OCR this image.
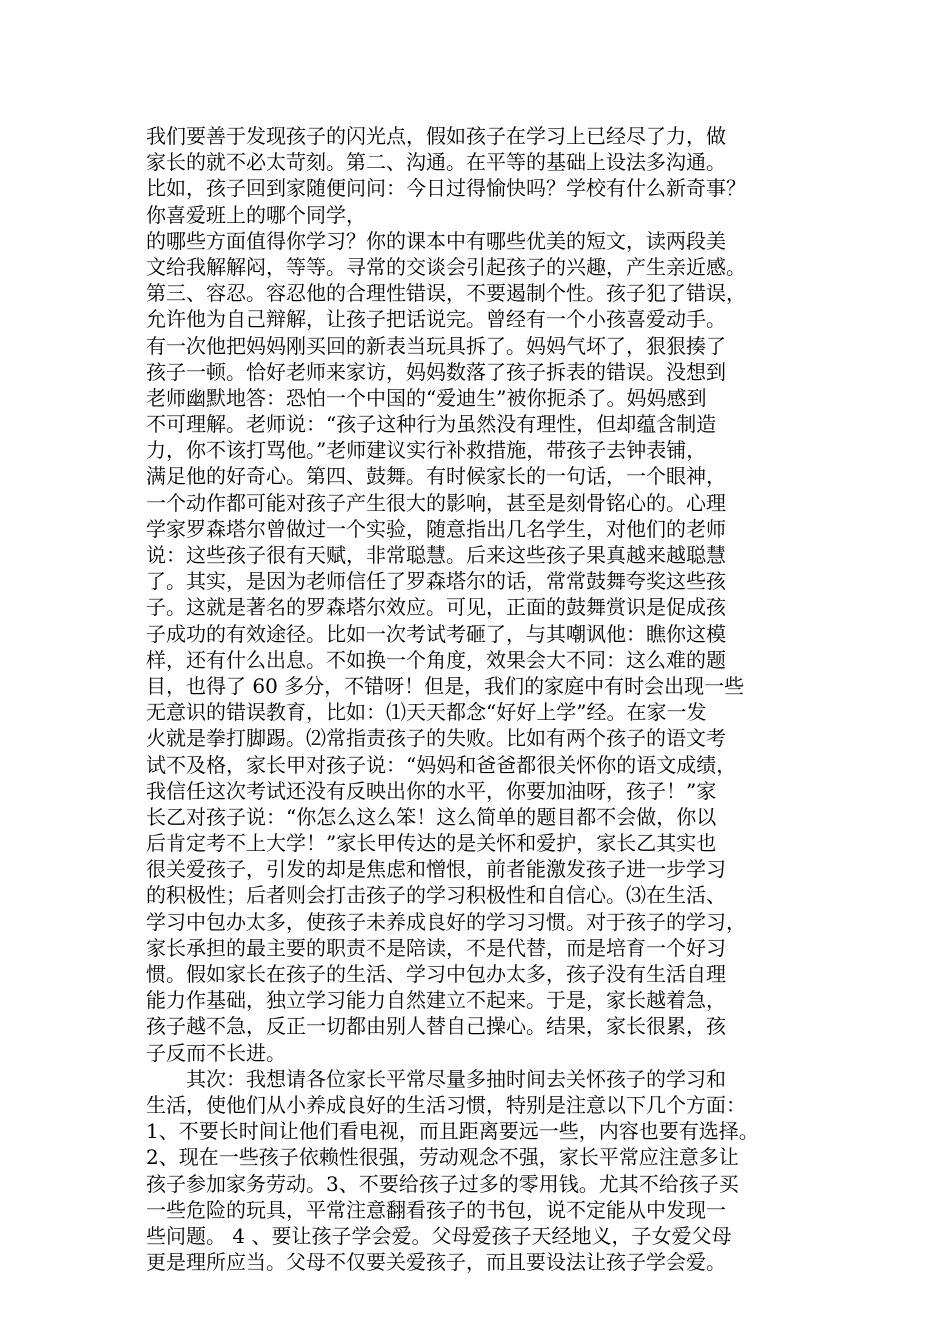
我们要善于发现孩子的闪光点，假如孩子在学习上已经尽了力，做
家长的就不必太苛刻。第二、沟通。在平等的基础上设法多沟通。
比如，孩子回到家随便问问：今日过得愉快吗？学校有什么新奇事？
你喜爱班上的哪个同学，
的哪些方面值得你学习？你的课本中有哪些优美的短文，读两段美
文给我解解闷，等等。寻常的交谈会引起孩子的兴趣，产生亲近感。
第三、容忍。容忍他的合理性错误，不要遏制个性。孩子犯了错误，
允许他为自己辩解，让孩子把话说完。曾经有一个小孩喜爱动手。
有一次他把妈妈刚买回的新表当玩具拆了。妈妈气坏了，狠狠揍了
孩子一顿。恰好老师来家访，妈妈数落了孩子拆表的错误。没想到
老师幽默地答：恐怕一个中国的“爱迪生”被你扼杀了。妈妈感到
不可理解。老师说：“孩子这种行为虽然没有理性，但却蕴含制造
力，你不该打骂他。”老师建议实行补救措施，带孩子去钟表铺，
满足他的好奇心。第四、鼓舞。有时候家长的一句话，一个眼神，
一个动作都可能对孩子产生很大的影响，甚至是刻骨铭心的。心理
学家罗森塔尔曾做过一个实验，随意指出几名学生，对他们的老师
说：这些孩子很有天赋，非常聪慧。后来这些孩子果真越来越聪慧
了。其实，是因为老师信任了罗森塔尔的话，常常鼓舞夸奖这些孩
子。这就是著名的罗森塔尔效应。可见，正面的鼓舞赏识是促成孩
子成功的有效途径。比如一次考试考砸了，与其嘲讽他：瞧你这模
样，还有什么出息。不如换一个角度，效果会大不同：这么难的题
目，也得了 60 多分，不错呀！但是，我们的家庭中有时会出现一些
无意识的错误教育，比如：⑴天天都念“好好上学”经。在家一发
火就是拳打脚踢。⑵常指责孩子的失败。比如有两个孩子的语文考
试不及格，家长甲对孩子说：“妈妈和爸爸都很关怀你的语文成绩，
我信任这次考试还没有反映出你的水平，你要加油呀，孩子！”家
长乙对孩子说：“你怎么这么笨！这么简单的题目都不会做，你以
后肯定考不上大学！”家长甲传达的是关怀和爱护，家长乙其实也
很关爱孩子，引发的却是焦虑和憎恨，前者能激发孩子进一步学习
的积极性；后者则会打击孩子的学习积极性和自信心。⑶在生活、
学习中包办太多，使孩子未养成良好的学习习惯。对于孩子的学习，
家长承担的最主要的职责不是陪读，不是代替，而是培育一个好习
惯。假如家长在孩子的生活、学习中包办太多，孩子没有生活自理
能力作基础，独立学习能力自然建立不起来。于是，家长越着急，
孩子越不急，反正一切都由别人替自己操心。结果，家长很累，孩
子反而不长进。
　　其次：我想请各位家长平常尽量多抽时间去关怀孩子的学习和
生活，使他们从小养成良好的生活习惯，特别是注意以下几个方面：
1、不要长时间让他们看电视，而且距离要远一些，内容也要有选择。
2、现在一些孩子依赖性很强，劳动观念不强，家长平常应注意多让
孩子参加家务劳动。3、不要给孩子过多的零用钱。尤其不给孩子买
一些危险的玩具，平常注意翻看孩子的书包，说不定能从中发现一
些问题。 4 、要让孩子学会爱。父母爱孩子天经地义，子女爱父母
更是理所应当。父母不仅要关爱孩子，而且要设法让孩子学会爱。
